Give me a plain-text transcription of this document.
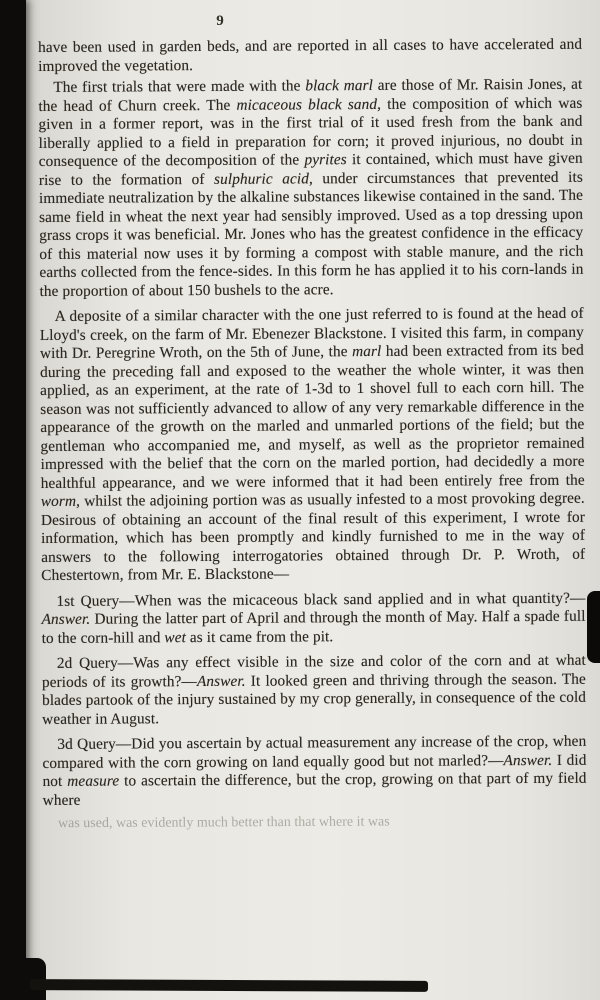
9

have been used in garden beds, and are reported in all cases to have accelerated and improved the vegetation.

The first trials that were made with the black marl are those of Mr. Raisin Jones, at the head of Churn creek. The micaceous black sand, the composition of which was given in a former report, was in the first trial of it used fresh from the bank and liberally applied to a field in preparation for corn; it proved injurious, no doubt in consequence of the decomposition of the pyrites it contained, which must have given rise to the formation of sulphuric acid, under circumstances that prevented its immediate neutralization by the alkaline substances likewise contained in the sand. The same field in wheat the next year had sensibly improved. Used as a top dressing upon grass crops it was beneficial. Mr. Jones who has the greatest confidence in the efficacy of this material now uses it by forming a compost with stable manure, and the rich earths collected from the fence-sides. In this form he has applied it to his corn-lands in the proportion of about 150 bushels to the acre.

A deposite of a similar character with the one just referred to is found at the head of Lloyd's creek, on the farm of Mr. Ebenezer Blackstone. I visited this farm, in company with Dr. Peregrine Wroth, on the 5th of June, the marl had been extracted from its bed during the preceding fall and exposed to the weather the whole winter, it was then applied, as an experiment, at the rate of 1-3d to 1 shovel full to each corn hill. The season was not sufficiently advanced to allow of any very remarkable difference in the appearance of the growth on the marled and unmarled portions of the field; but the gentleman who accompanied me, and myself, as well as the proprietor remained impressed with the belief that the corn on the marled portion, had decidedly a more healthful appearance, and we were informed that it had been entirely free from the worm, whilst the adjoining portion was as usually infested to a most provoking degree. Desirous of obtaining an account of the final result of this experiment, I wrote for information, which has been promptly and kindly furnished to me in the way of answers to the following interrogatories obtained through Dr. P. Wroth, of Chestertown, from Mr. E. Blackstone—

1st Query—When was the micaceous black sand applied and in what quantity?—Answer. During the latter part of April and through the month of May. Half a spade full to the corn-hill and wet as it came from the pit.

2d Query—Was any effect visible in the size and color of the corn and at what periods of its growth?—Answer. It looked green and thriving through the season. The blades partook of the injury sustained by my crop generally, in consequence of the cold weather in August.

3d Query—Did you ascertain by actual measurement any increase of the crop, when compared with the corn growing on land equally good but not marled?—Answer. I did not measure to ascertain the difference, but the crop, growing on that part of my field where

was used, was evidently much better than that where it was
